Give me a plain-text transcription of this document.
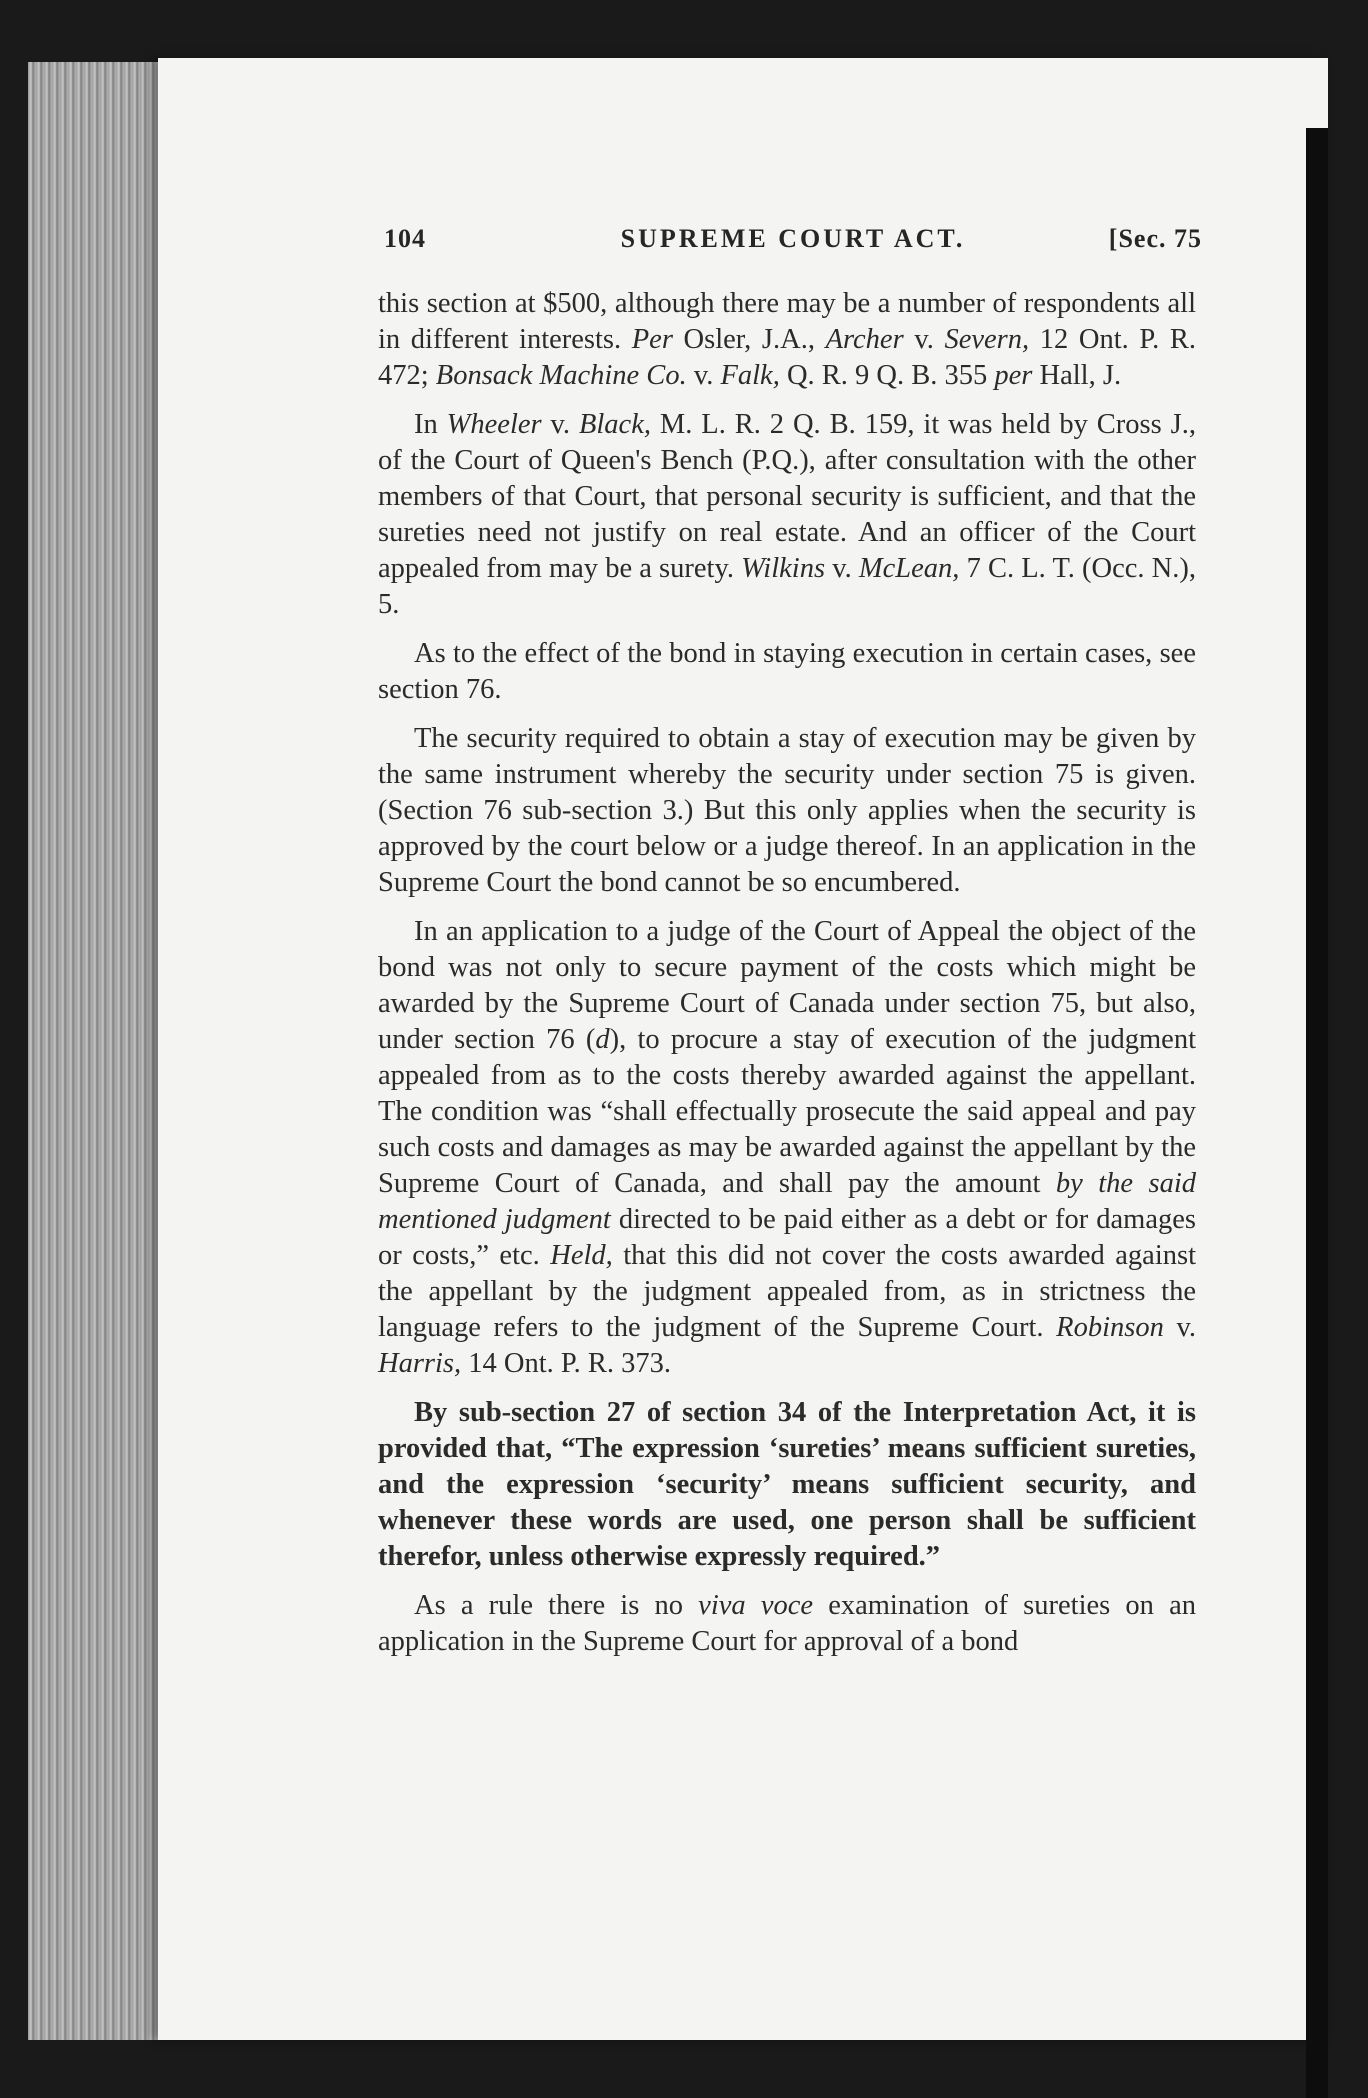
104	SUPREME COURT ACT.	[Sec. 75

this section at $500, although there may be a number of respondents all in different interests. Per Osler, J.A., Archer v. Severn, 12 Ont. P. R. 472; Bonsack Machine Co. v. Falk, Q. R. 9 Q. B. 355 per Hall, J.

In Wheeler v. Black, M. L. R. 2 Q. B. 159, it was held by Cross J., of the Court of Queen's Bench (P.Q.), after consultation with the other members of that Court, that personal security is sufficient, and that the sureties need not justify on real estate. And an officer of the Court appealed from may be a surety. Wilkins v. McLean, 7 C. L. T. (Occ. N.), 5.

As to the effect of the bond in staying execution in certain cases, see section 76.

The security required to obtain a stay of execution may be given by the same instrument whereby the security under section 75 is given. (Section 76 sub-section 3.) But this only applies when the security is approved by the court below or a judge thereof. In an application in the Supreme Court the bond cannot be so encumbered.

In an application to a judge of the Court of Appeal the object of the bond was not only to secure payment of the costs which might be awarded by the Supreme Court of Canada under section 75, but also, under section 76 (d), to procure a stay of execution of the judgment appealed from as to the costs thereby awarded against the appellant. The condition was “shall effectually prosecute the said appeal and pay such costs and damages as may be awarded against the appellant by the Supreme Court of Canada, and shall pay the amount by the said mentioned judgment directed to be paid either as a debt or for damages or costs,” etc. Held, that this did not cover the costs awarded against the appellant by the judgment appealed from, as in strictness the language refers to the judgment of the Supreme Court. Robinson v. Harris, 14 Ont. P. R. 373.

By sub-section 27 of section 34 of the Interpretation Act, it is provided that, “The expression ‘sureties’ means sufficient sureties, and the expression ‘security’ means sufficient security, and whenever these words are used, one person shall be sufficient therefor, unless otherwise expressly required.”

As a rule there is no viva voce examination of sureties on an application in the Supreme Court for approval of a bond
